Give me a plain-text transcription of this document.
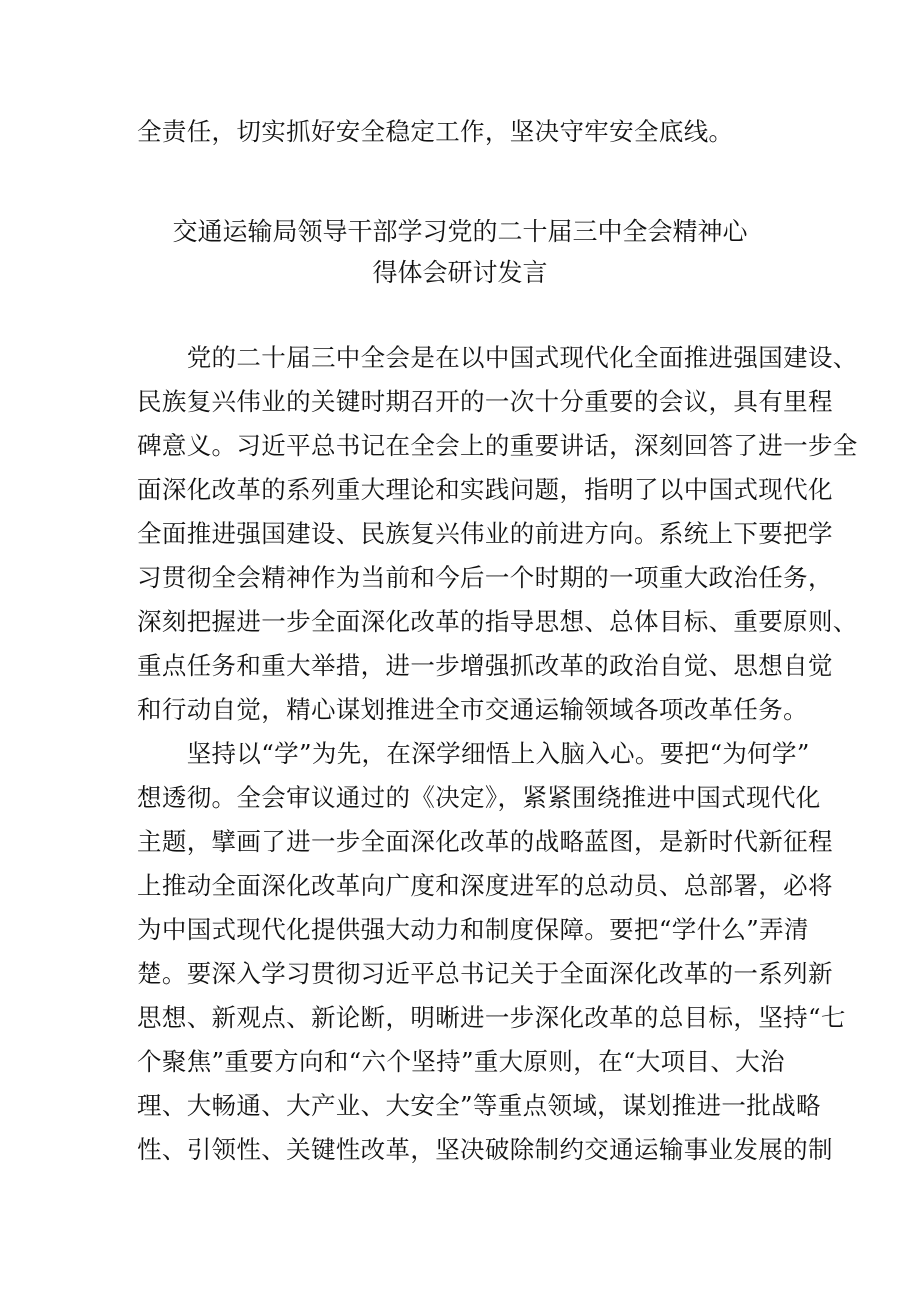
全责任，切实抓好安全稳定工作，坚决守牢安全底线。
交通运输局领导干部学习党的二十届三中全会精神心
得体会研讨发言
　　党的二十届三中全会是在以中国式现代化全面推进强国建设、
民族复兴伟业的关键时期召开的一次十分重要的会议，具有里程
碑意义。习近平总书记在全会上的重要讲话，深刻回答了进一步全
面深化改革的系列重大理论和实践问题，指明了以中国式现代化
全面推进强国建设、民族复兴伟业的前进方向。系统上下要把学
习贯彻全会精神作为当前和今后一个时期的一项重大政治任务，
深刻把握进一步全面深化改革的指导思想、总体目标、重要原则、
重点任务和重大举措，进一步增强抓改革的政治自觉、思想自觉
和行动自觉，精心谋划推进全市交通运输领域各项改革任务。
　　坚持以“学”为先，在深学细悟上入脑入心。要把“为何学”
想透彻。全会审议通过的《决定》，紧紧围绕推进中国式现代化
主题，擘画了进一步全面深化改革的战略蓝图，是新时代新征程
上推动全面深化改革向广度和深度进军的总动员、总部署，必将
为中国式现代化提供强大动力和制度保障。要把“学什么”弄清
楚。要深入学习贯彻习近平总书记关于全面深化改革的一系列新
思想、新观点、新论断，明晰进一步深化改革的总目标，坚持“七
个聚焦”重要方向和“六个坚持”重大原则，在“大项目、大治
理、大畅通、大产业、大安全”等重点领域，谋划推进一批战略
性、引领性、关键性改革，坚决破除制约交通运输事业发展的制
